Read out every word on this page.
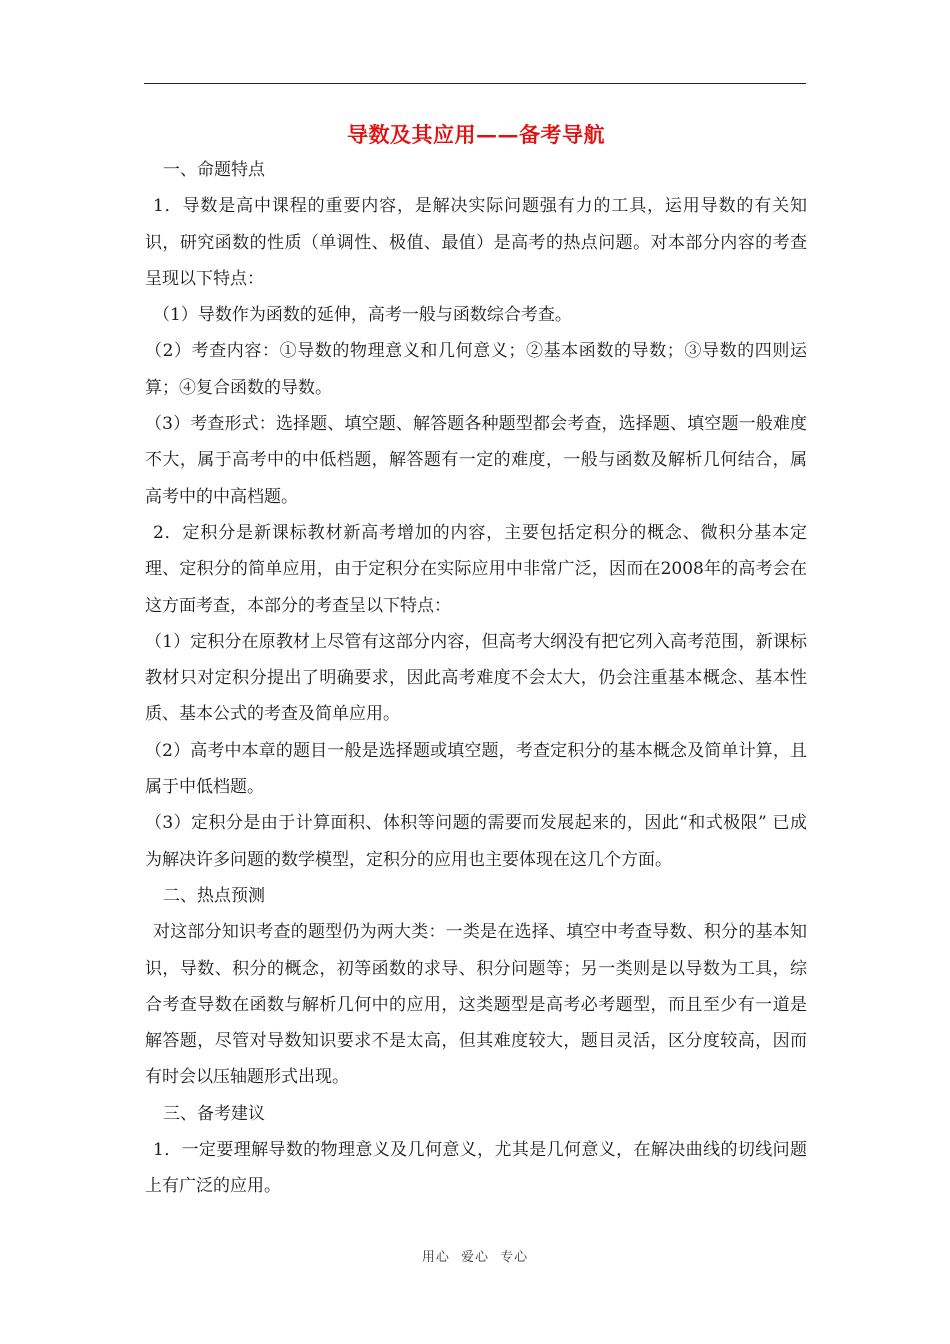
导数及其应用——备考导航

一、命题特点

1．导数是高中课程的重要内容，是解决实际问题强有力的工具，运用导数的有关知识，研究函数的性质（单调性、极值、最值）是高考的热点问题。对本部分内容的考查呈现以下特点：

（1）导数作为函数的延伸，高考一般与函数综合考查。

（2）考查内容：①导数的物理意义和几何意义；②基本函数的导数；③导数的四则运算；④复合函数的导数。

（3）考查形式：选择题、填空题、解答题各种题型都会考查，选择题、填空题一般难度不大，属于高考中的中低档题，解答题有一定的难度，一般与函数及解析几何结合，属高考中的中高档题。

2．定积分是新课标教材新高考增加的内容，主要包括定积分的概念、微积分基本定理、定积分的简单应用，由于定积分在实际应用中非常广泛，因而在2008年的高考会在这方面考查，本部分的考查呈以下特点：

（1）定积分在原教材上尽管有这部分内容，但高考大纲没有把它列入高考范围，新课标教材只对定积分提出了明确要求，因此高考难度不会太大，仍会注重基本概念、基本性质、基本公式的考查及简单应用。

（2）高考中本章的题目一般是选择题或填空题，考查定积分的基本概念及简单计算，且属于中低档题。

（3）定积分是由于计算面积、体积等问题的需要而发展起来的，因此“和式极限” 已成为解决许多问题的数学模型，定积分的应用也主要体现在这几个方面。

二、热点预测

对这部分知识考查的题型仍为两大类：一类是在选择、填空中考查导数、积分的基本知识，导数、积分的概念，初等函数的求导、积分问题等；另一类则是以导数为工具，综合考查导数在函数与解析几何中的应用，这类题型是高考必考题型，而且至少有一道是解答题，尽管对导数知识要求不是太高，但其难度较大，题目灵活，区分度较高，因而有时会以压轴题形式出现。

三、备考建议

1．一定要理解导数的物理意义及几何意义，尤其是几何意义，在解决曲线的切线问题上有广泛的应用。

用心 爱心 专心
